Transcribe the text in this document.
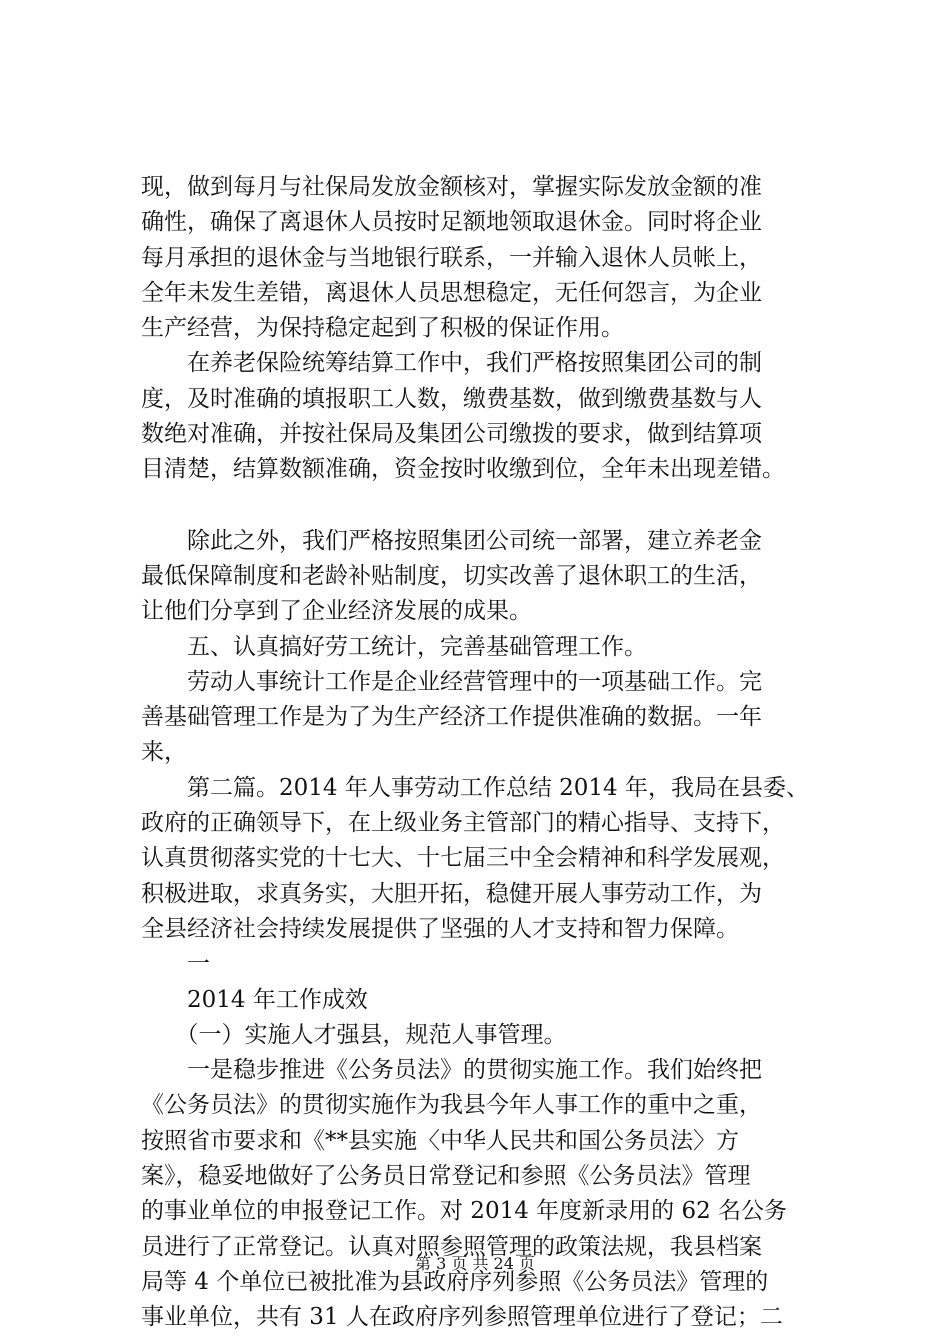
现，做到每月与社保局发放金额核对，掌握实际发放金额的准
确性，确保了离退休人员按时足额地领取退休金。同时将企业
每月承担的退休金与当地银行联系，一并输入退休人员帐上，
全年未发生差错，离退休人员思想稳定，无任何怨言，为企业
生产经营，为保持稳定起到了积极的保证作用。
　　在养老保险统筹结算工作中，我们严格按照集团公司的制
度，及时准确的填报职工人数，缴费基数，做到缴费基数与人
数绝对准确，并按社保局及集团公司缴拨的要求，做到结算项
目清楚，结算数额准确，资金按时收缴到位，全年未出现差错。
　　除此之外，我们严格按照集团公司统一部署，建立养老金
最低保障制度和老龄补贴制度，切实改善了退休职工的生活，
让他们分享到了企业经济发展的成果。
　　五、认真搞好劳工统计，完善基础管理工作。
　　劳动人事统计工作是企业经营管理中的一项基础工作。完
善基础管理工作是为了为生产经济工作提供准确的数据。一年
来，
　　第二篇。2014 年人事劳动工作总结 2014 年，我局在县委、
政府的正确领导下，在上级业务主管部门的精心指导、支持下，
认真贯彻落实党的十七大、十七届三中全会精神和科学发展观，
积极进取，求真务实，大胆开拓，稳健开展人事劳动工作，为
全县经济社会持续发展提供了坚强的人才支持和智力保障。
　　一
　　2014 年工作成效
　　（一）实施人才强县，规范人事管理。
　　一是稳步推进《公务员法》的贯彻实施工作。我们始终把
《公务员法》的贯彻实施作为我县今年人事工作的重中之重，
按照省市要求和《**县实施〈中华人民共和国公务员法〉方
案》，稳妥地做好了公务员日常登记和参照《公务员法》管理
的事业单位的申报登记工作。对 2014 年度新录用的 62 名公务
员进行了正常登记。认真对照参照管理的政策法规，我县档案
局等 4 个单位已被批准为县政府序列参照《公务员法》管理的
事业单位，共有 31 人在政府序列参照管理单位进行了登记；二
第 3 页 共 24 页
